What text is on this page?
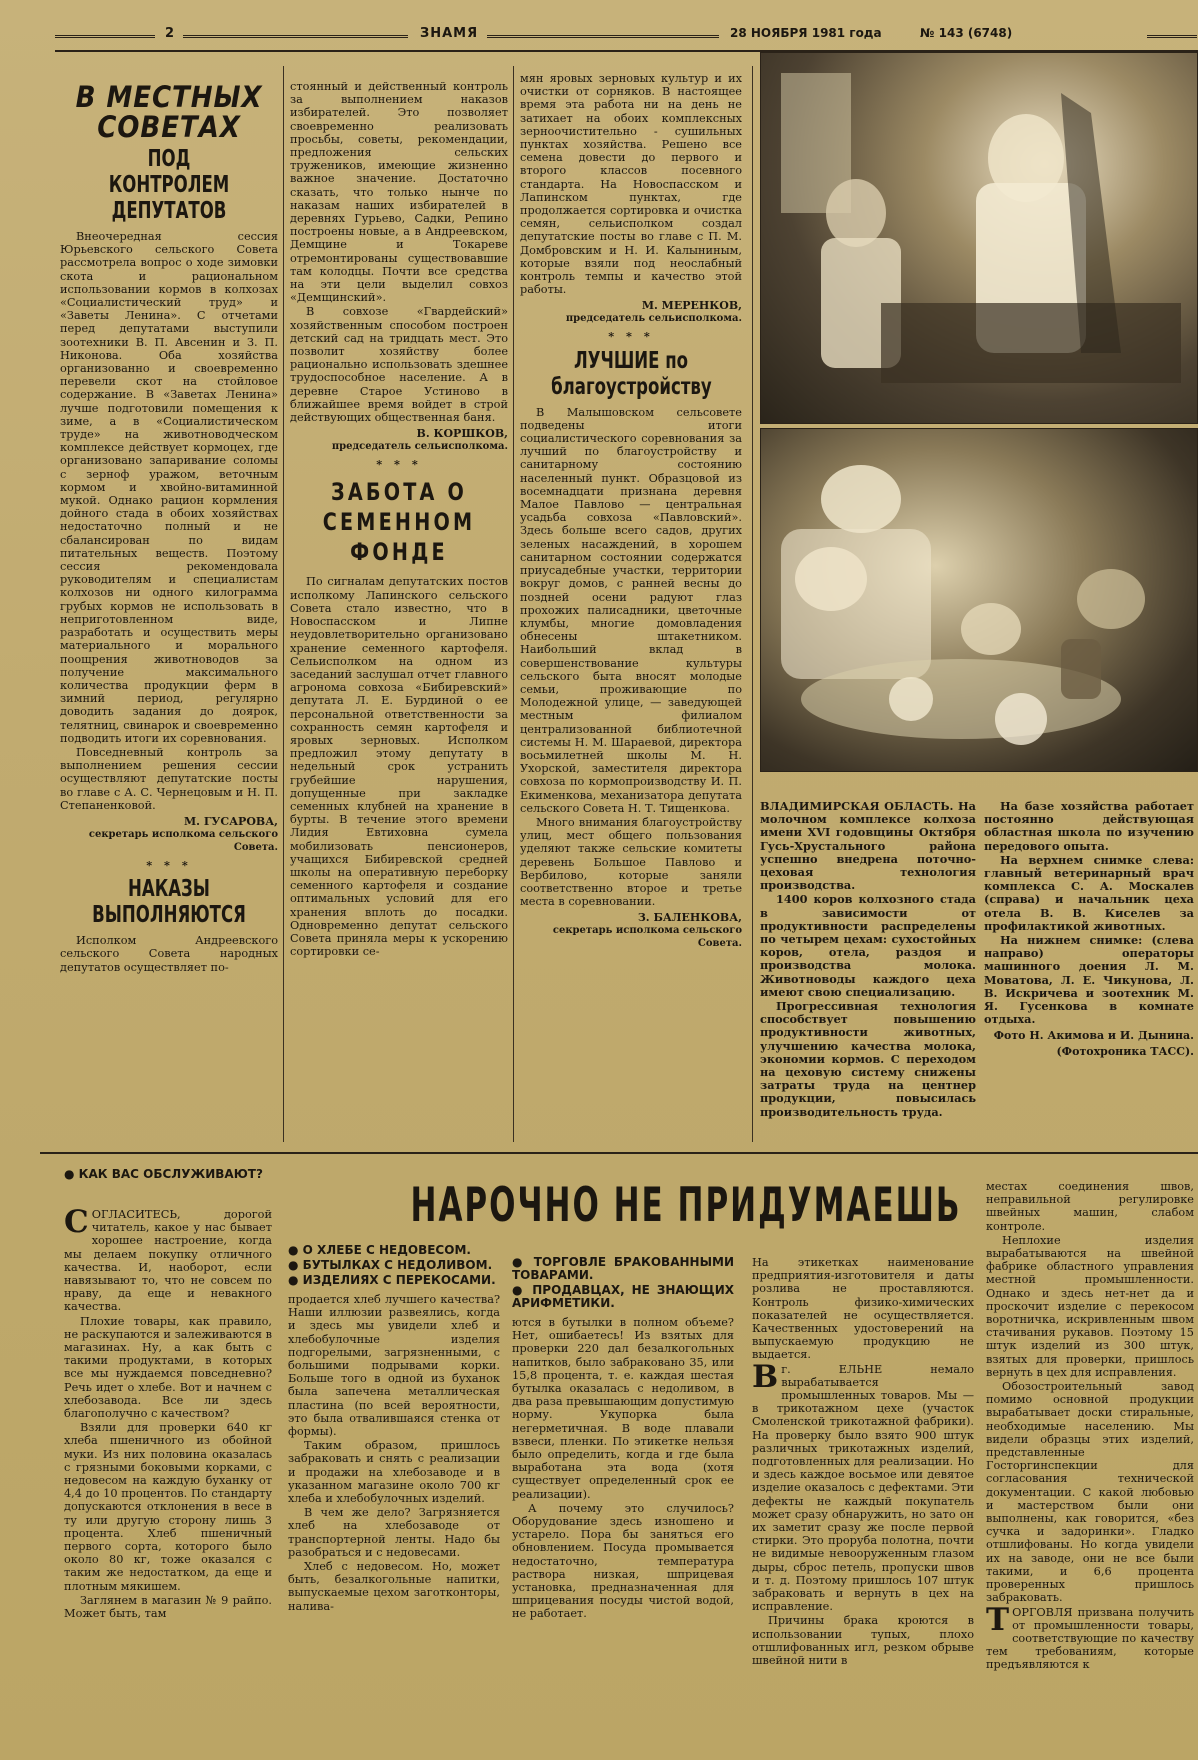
2	ЗНАМЯ	28 НОЯБРЯ 1981 года	№ 143 (6748)
В МЕСТНЫХ СОВЕТАХ
ПОД КОНТРОЛЕМ ДЕПУТАТОВ

Внеочередная сессия Юрьевского сельского Совета рассмотрела вопрос о ходе зимовки скота и рациональном использовании кормов в колхозах «Социалистический труд» и «Заветы Ленина». С отчетами перед депутатами выступили зоотехники В. П. Авсенин и З. П. Никонова. Оба хозяйства организованно и своевременно перевели скот на стойловое содержание. В «Заветах Ленина» лучше подготовили помещения к зиме, а в «Социалистическом труде» на животноводческом комплексе действует кормоцех, где организовано запаривание соломы с зерноф уражом, веточным кормом и хвойно-витаминной мукой. Однако рацион кормления дойного стада в обоих хозяйствах недостаточно полный и не сбалансирован по видам питательных веществ. Поэтому сессия рекомендовала руководителям и специалистам колхозов ни одного килограмма грубых кормов не использовать в неприготовленном виде, разработать и осуществить меры материального и морального поощрения животноводов за получение максимального количества продукции ферм в зимний период, регулярно доводить задания до доярок, телятниц, свинарок и своевременно подводить итоги их соревнования.

Повседневный контроль за выполнением решения сессии осуществляют депутатские посты во главе с А. С. Чернецовым и Н. П. Степаненковой.

М. ГУСАРОВА,
секретарь исполкома сельского Совета.
* * *
НАКАЗЫ ВЫПОЛНЯЮТСЯ

Исполком Андреевского сельского Совета народных депутатов осуществляет по-

стоянный и действенный контроль за выполнением наказов избирателей. Это позволяет своевременно реализовать просьбы, советы, рекомендации, предложения сельских тружеников, имеющие жизненно важное значение. Достаточно сказать, что только нынче по наказам наших избирателей в деревнях Гурьево, Садки, Репино построены новые, а в Андреевском, Демщине и Токареве отремонтированы существовавшие там колодцы. Почти все средства на эти цели выделил совхоз «Демщинский».

В совхозе «Гвардейский» хозяйственным способом построен детский сад на тридцать мест. Это позволит хозяйству более рационально использовать здешнее трудоспособное население. А в деревне Старое Устиново в ближайшее время войдет в строй действующих общественная баня.

В. КОРШКОВ,
председатель сельисполкома.
* * *
ЗАБОТА О СЕМЕННОМ ФОНДЕ

По сигналам депутатских постов исполкому Лапинского сельского Совета стало известно, что в Новоспасском и Липне неудовлетворительно организовано хранение семенного картофеля. Сельисполком на одном из заседаний заслушал отчет главного агронома совхоза «Бибиревский» депутата Л. Е. Бурдиной о ее персональной ответственности за сохранность семян картофеля и яровых зерновых. Исполком предложил этому депутату в недельный срок устранить грубейшие нарушения, допущенные при закладке семенных клубней на хранение в бурты. В течение этого времени Лидия Евтиховна сумела мобилизовать пенсионеров, учащихся Бибиревской средней школы на оперативную переборку семенного картофеля и создание оптимальных условий для его хранения вплоть до посадки. Одновременно депутат сельского Совета приняла меры к ускорению сортировки се-

мян яровых зерновых культур и их очистки от сорняков. В настоящее время эта работа ни на день не затихает на обоих комплексных зерноочистительно - сушильных пунктах хозяйства. Решено все семена довести до первого и второго классов посевного стандарта. На Новоспасском и Лапинском пунктах, где продолжается сортировка и очистка семян, сельисполком создал депутатские посты во главе с П. М. Домбровским и Н. И. Калыниным, которые взяли под неослабный контроль темпы и качество этой работы.

М. МЕРЕНКОВ,
председатель сельисполкома.
* * *
ЛУЧШИЕ по благоустройству

В Малышовском сельсовете подведены итоги социалистического соревнования за лучший по благоустройству и санитарному состоянию населенный пункт. Образцовой из восемнадцати признана деревня Малое Павлово — центральная усадьба совхоза «Павловский». Здесь больше всего садов, других зеленых насаждений, в хорошем санитарном состоянии содержатся приусадебные участки, территории вокруг домов, с ранней весны до поздней осени радуют глаз прохожих палисадники, цветочные клумбы, многие домовладения обнесены штакетником. Наибольший вклад в совершенствование культуры сельского быта вносят молодые семьи, проживающие по Молодежной улице, — заведующей местным филиалом централизованной библиотечной системы Н. М. Шараевой, директора восьмилетней школы М. Н. Ухорской, заместителя директора совхоза по кормопроизводству И. П. Екименкова, механизатора депутата сельского Совета Н. Т. Тищенкова.

Много внимания благоустройству улиц, мест общего пользования уделяют также сельские комитеты деревень Большое Павлово и Вербилово, которые заняли соответственно второе и третье места в соревновании.

З. БАЛЕНКОВА,
секретарь исполкома сельского Совета.

ВЛАДИМИРСКАЯ ОБЛАСТЬ. На молочном комплексе колхоза имени XVI годовщины Октября Гусь-Хрустального района успешно внедрена поточно-цеховая технология производства.

1400 коров колхозного стада в зависимости от продуктивности распределены по четырем цехам: сухостойных коров, отела, раздоя и производства молока. Животноводы каждого цеха имеют свою специализацию.

Прогрессивная технология способствует повышению продуктивности животных, улучшению качества молока, экономии кормов. С переходом на цеховую систему снижены затраты труда на центнер продукции, повысилась производительность труда.

На базе хозяйства работает постоянно действующая областная школа по изучению передового опыта.

На верхнем снимке слева: главный ветеринарный врач комплекса С. А. Москалев (справа) и начальник цеха отела В. В. Киселев за профилактикой животных.

На нижнем снимке: (слева направо) операторы машинного доения Л. М. Моватова, Л. Е. Чикунова, Л. В. Искричева и зоотехник М. Я. Гусенкова в комнате отдыха.

Фото Н. Акимова и И. Дынина.
(Фотохроника ТАСС).
● КАК ВАС ОБСЛУЖИВАЮТ?
НАРОЧНО НЕ ПРИДУМАЕШЬ

СОГЛАСИТЕСЬ, дорогой читатель, какое у нас бывает хорошее настроение, когда мы делаем покупку отличного качества. И, наоборот, если навязывают то, что не совсем по нраву, да еще и невакного качества.

Плохие товары, как правило, не раскупаются и залеживаются в магазинах. Ну, а как быть с такими продуктами, в которых все мы нуждаемся повседневно? Речь идет о хлебе. Вот и начнем с хлебозавода. Все ли здесь благополучно с качеством?

Взяли для проверки 640 кг хлеба пшеничного из обойной муки. Из них половина оказалась с грязными боковыми корками, с недовесом на каждую буханку от 4,4 до 10 процентов. По стандарту допускаются отклонения в весе в ту или другую сторону лишь 3 процента. Хлеб пшеничный первого сорта, которого было около 80 кг, тоже оказался с таким же недостатком, да еще и плотным мякишем.

Заглянем в магазин № 9 райпо. Может быть, там

● О ХЛЕБЕ С НЕДОВЕСОМ.
● БУТЫЛКАХ С НЕДОЛИВОМ.
● ИЗДЕЛИЯХ С ПЕРЕКОСАМИ.

продается хлеб лучшего качества? Наши иллюзии развеялись, когда и здесь мы увидели хлеб и хлебобулочные изделия подгорелыми, загрязненными, с большими подрывами корки. Больше того в одной из буханок была запечена металлическая пластина (по всей вероятности, это была отвалившаяся стенка от формы).

Таким образом, пришлось забраковать и снять с реализации и продажи на хлебозаводе и в указанном магазине около 700 кг хлеба и хлебобулочных изделий.

В чем же дело? Загрязняется хлеб на хлебозаводе от транспортерной ленты. Надо бы разобраться и с недовесами.

Хлеб с недовесом. Но, может быть, безалкогольные напитки, выпускаемые цехом заготконторы, наливa-

● ТОРГОВЛЕ БРАКОВАННЫМИ ТОВАРАМИ.
● ПРОДАВЦАХ, НЕ ЗНАЮЩИХ АРИФМЕТИКИ.

ются в бутылки в полном объеме? Нет, ошибаетесь! Из взятых для проверки 220 дал безалкогольных напитков, было забраковано 35, или 15,8 процента, т. е. каждая шестая бутылка оказалась с недоливом, в два раза превышающим допустимую норму. Укупорка была негерметичная. В воде плавали взвеси, пленки. По этикетке нельзя было определить, когда и где была выработана эта вода (хотя существует определенный срок ее реализации).

А почему это случилось? Оборудование здесь изношено и устарело. Пора бы заняться его обновлением. Посуда промывается недостаточно, температура раствора низкая, шприцевая установка, предназначенная для шприцевания посуды чистой водой, не работает.

На этикетках наименование предприятия-изготовителя и даты розлива не проставляются. Контроль физико-химических показателей не осуществляется. Качественных удостоверений на выпускаемую продукцию не выдается.

Вг. ЕЛЬНЕ немало вырабатывается промышленных товаров. Мы — в трикотажном цехе (участок Смоленской трикотажной фабрики). На проверку было взято 900 штук различных трикотажных изделий, подготовленных для реализации. Но и здесь каждое восьмое или девятое изделие оказалось с дефектами. Эти дефекты не каждый покупатель может сразу обнаружить, но зато он их заметит сразу же после первой стирки. Это проруба полотна, почти не видимые невооруженным глазом дыры, сброс петель, пропуски швов и т. д. Поэтому пришлось 107 штук забраковать и вернуть в цех на исправление.

Причины брака кроются в использовании тупых, плохо отшлифованных игл, резком обрыве швейной нити в

местах соединения швов, неправильной регулировке швейных машин, слабом контроле.

Неплохие изделия вырабатываются на швейной фабрике областного управления местной промышленности. Однако и здесь нет-нет да и проскочит изделие с перекосом воротничка, искривленным швом стачивания рукавов. Поэтому 15 штук изделий из 300 штук, взятых для проверки, пришлось вернуть в цех для исправления.

Обозостроительный завод помимо основной продукции вырабатывает доски стиральные, необходимые населению. Мы видели образцы этих изделий, представленные Госторгинспекции для согласования технической документации. С какой любовью и мастерством были они выполнены, как говорится, «без сучка и задоринки». Гладко отшлифованы. Но когда увидели их на заводе, они не все были такими, и 6,6 процента проверенных пришлось забраковать.

ТОРГОВЛЯ призвана получить от промышленности товары, соответствующие по качеству тем требованиям, которые предъявляются к
